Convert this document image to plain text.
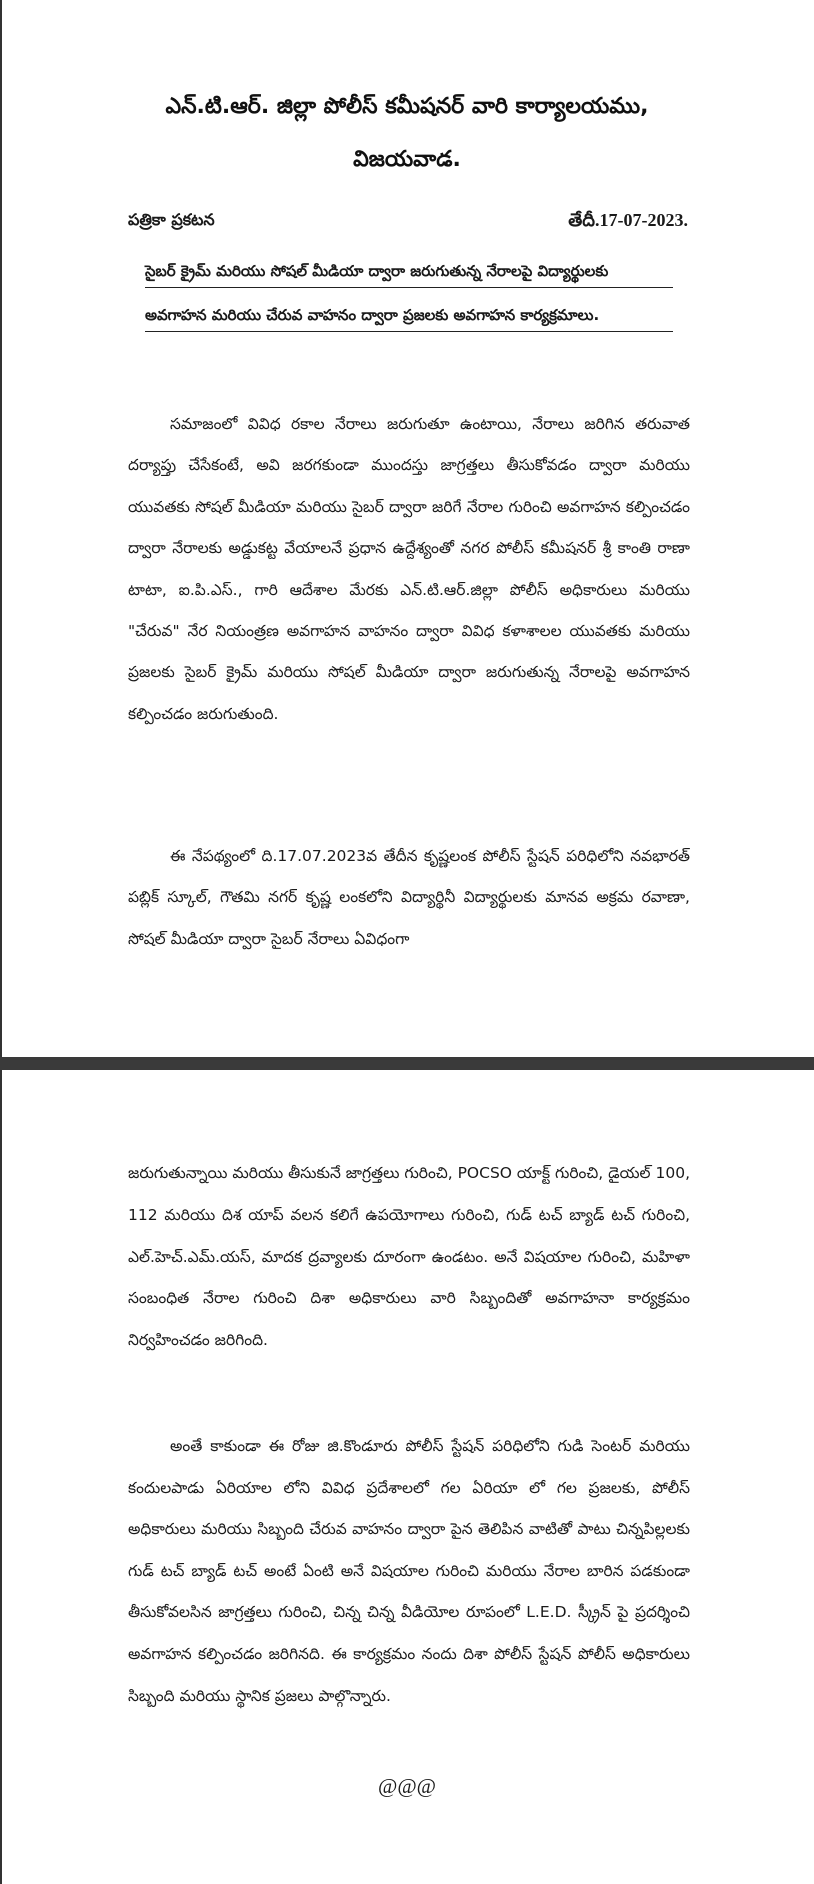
ఎన్.టి.ఆర్. జిల్లా పోలీస్ కమీషనర్ వారి కార్యాలయము,
విజయవాడ.
పత్రికా ప్రకటన	తేదీ.17-07-2023.
సైబర్ క్రైమ్ మరియు సోషల్ మీడియా ద్వారా జరుగుతున్న నేరాలపై విద్యార్థులకు
అవగాహన మరియు చేరువ వాహనం ద్వారా ప్రజలకు అవగాహన కార్యక్రమాలు.
సమాజంలో వివిధ రకాల నేరాలు జరుగుతూ ఉంటాయి, నేరాలు జరిగిన తరువాత దర్యాప్తు చేసేకంటే, అవి జరగకుండా ముందస్తు జాగ్రత్తలు తీసుకోవడం ద్వారా మరియు యువతకు సోషల్ మీడియా మరియు సైబర్ ద్వారా జరిగే నేరాల గురించి అవగాహన కల్పించడం ద్వారా నేరాలకు అడ్డుకట్ట వేయాలనే ప్రధాన ఉద్దేశ్యంతో నగర పోలీస్ కమీషనర్ శ్రీ కాంతి రాణా టాటా, ఐ.పి.ఎస్., గారి ఆదేశాల మేరకు ఎన్.టి.ఆర్.జిల్లా పోలీస్ అధికారులు మరియు "చేరువ" నేర నియంత్రణ అవగాహన వాహనం ద్వారా వివిధ కళాశాలల యువతకు మరియు ప్రజలకు సైబర్ క్రైమ్ మరియు సోషల్ మీడియా ద్వారా జరుగుతున్న నేరాలపై అవగాహన కల్పించడం జరుగుతుంది.
ఈ నేపథ్యంలో ది.17.07.2023వ తేదీన కృష్ణలంక పోలీస్ స్టేషన్ పరిధిలోని నవభారత్ పబ్లిక్ స్కూల్, గౌతమి నగర్ కృష్ణ లంకలోని విద్యార్థినీ విద్యార్థులకు మానవ అక్రమ రవాణా, సోషల్ మీడియా ద్వారా సైబర్ నేరాలు ఏవిధంగా
జరుగుతున్నాయి మరియు తీసుకునే జాగ్రత్తలు గురించి, POCSO యాక్ట్ గురించి, డైయల్ 100, 112 మరియు దిశ యాప్ వలన కలిగే ఉపయోగాలు గురించి, గుడ్ టచ్ బ్యాడ్ టచ్ గురించి, ఎల్.హెచ్.ఎమ్.యస్, మాదక ద్రవ్యాలకు దూరంగా ఉండటం. అనే విషయాల గురించి, మహిళా సంబంధిత నేరాల గురించి దిశా అధికారులు వారి సిబ్బందితో అవగాహనా కార్యక్రమం నిర్వహించడం జరిగింది.
అంతే కాకుండా ఈ రోజు జి.కొండూరు పోలీస్ స్టేషన్ పరిధిలోని గుడి సెంటర్ మరియు కందులపాడు ఏరియాల లోని వివిధ ప్రదేశాలలో గల ఏరియా లో గల ప్రజలకు, పోలీస్ అధికారులు మరియు సిబ్బంది చేరువ వాహనం ద్వారా పైన తెలిపిన వాటితో పాటు చిన్నపిల్లలకు గుడ్ టచ్ బ్యాడ్ టచ్ అంటే ఏంటి అనే విషయాల గురించి మరియు నేరాల బారిన పడకుండా తీసుకోవలసిన జాగ్రత్తలు గురించి, చిన్న చిన్న వీడియోల రూపంలో L.E.D. స్క్రీన్ పై ప్రదర్శించి అవగాహన కల్పించడం జరిగినది. ఈ కార్యక్రమం నందు దిశా పోలీస్ స్టేషన్ పోలీస్ అధికారులు సిబ్బంది మరియు స్థానిక ప్రజలు పాల్గొన్నారు.
@@@
